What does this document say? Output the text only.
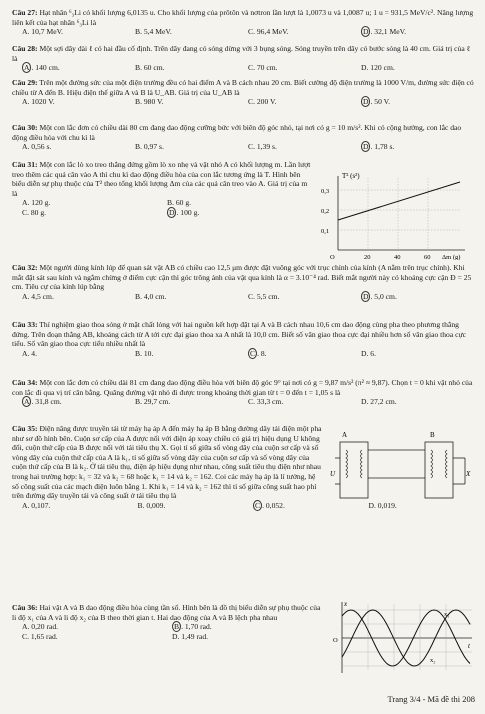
Câu 27: Hạt nhân ⁶₃Li có khối lượng 6,0135 u. Cho khối lượng của prôtôn và nơtron lần lượt là 1,0073 u và 1,0087 u; 1 u = 931,5 MeV/c². Năng lượng liên kết của hạt nhân ⁶₃Li là

A. 10,7 MeV.	B. 5,4 MeV.	C. 96,4 MeV.	D . 32,1 MeV.

Câu 28: Một sợi dây dài ℓ có hai đầu cố định. Trên dây đang có sóng dừng với 3 bụng sóng. Sóng truyền trên dây có bước sóng là 40 cm. Giá trị của ℓ là

A . 140 cm.	B. 60 cm.	C. 70 cm.	D. 120 cm.

Câu 29: Trên một đường sức của một điện trường đều có hai điểm A và B cách nhau 20 cm. Biết cường độ điện trường là 1000 V/m, đường sức điện có chiều từ A đến B. Hiệu điện thế giữa A và B là U_AB. Giá trị của U_AB là

A. 1020 V.	B. 980 V.	C. 200 V.	D . 50 V.

Câu 30: Một con lắc đơn có chiều dài 80 cm đang dao động cưỡng bức với biên độ góc nhỏ, tại nơi có g = 10 m/s². Khi có cộng hưởng, con lắc dao động điều hòa với chu kì là

A. 0,56 s.	B. 0,97 s.	C. 1,39 s.	D . 1,78 s.

Câu 31: Một con lắc lò xo treo thẳng đứng gồm lò xo nhẹ và vật nhỏ A có khối lượng m. Lần lượt treo thêm các quả cân vào A thì chu kì dao động điều hòa của con lắc tương ứng là T. Hình bên biểu diễn sự phụ thuộc của T² theo tổng khối lượng Δm của các quả cân treo vào A. Giá trị của m là

A. 120 g.	B. 60 g.
C. 80 g.	D . 100 g.
T² (s²)
0,3
0,2
0,1
O	20	40	60 Δm (g)

Câu 32: Một người dùng kính lúp để quan sát vật AB có chiều cao 12,5 μm được đặt vuông góc với trục chính của kính (A nằm trên trục chính). Khi mắt đặt sát sau kính và ngắm chừng ở điểm cực cận thì góc trông ảnh của vật qua kính là α = 3.10⁻⁴ rad. Biết mắt người này có khoảng cực cận Đ = 25 cm. Tiêu cự của kính lúp bằng

A. 4,5 cm.	B. 4,0 cm.	C. 5,5 cm.	D . 5,0 cm.

Câu 33: Thí nghiệm giao thoa sóng ở mặt chất lỏng với hai nguồn kết hợp đặt tại A và B cách nhau 10,6 cm dao động cùng pha theo phương thẳng đứng. Trên đoạn thẳng AB, khoảng cách từ A tới cực đại giao thoa xa A nhất là 10,0 cm. Biết số vân giao thoa cực đại nhiều hơn số vân giao thoa cực tiểu. Số vân giao thoa cực tiểu nhiều nhất là

A. 4.	B. 10.	C . 8.	D. 6.

Câu 34: Một con lắc đơn có chiều dài 81 cm đang dao động điều hòa với biên độ góc 9° tại nơi có g = 9,87 m/s² (π² ≈ 9,87). Chọn t = 0 khi vật nhỏ của con lắc đi qua vị trí cân bằng. Quãng đường vật nhỏ đi được trong khoảng thời gian từ t = 0 đến t = 1,05 s là

A . 31,8 cm.	B. 29,7 cm.	C. 33,3 cm.	D. 27,2 cm.

Câu 35: Điện năng được truyền tải từ máy hạ áp A đến máy hạ áp B bằng đường dây tải điện một pha như sơ đồ hình bên. Cuộn sơ cấp của A được nối với điện áp xoay chiều có giá trị hiệu dụng U không đổi, cuộn thứ cấp của B được nối với tải tiêu thụ X. Gọi tỉ số giữa số vòng dây của cuộn sơ cấp và số vòng dây của cuộn thứ cấp của A là k₁, tỉ số giữa số vòng dây của cuộn sơ cấp và số vòng dây của cuộn thứ cấp của B là k₂. Ở tải tiêu thụ, điện áp hiệu dụng như nhau, công suất tiêu thụ điện như nhau trong hai trường hợp: k₁ = 32 và k₂ = 68 hoặc k₁ = 14 và k₂ = 162. Coi các máy hạ áp là lí tưởng, hệ số công suất của các mạch điện luôn bằng 1. Khi k₁ = 14 và k₂ = 162 thì tỉ số giữa công suất hao phí trên đường dây truyền tải và công suất ở tải tiêu thụ là

A. 0,107.	B. 0,009.	C . 0,052.	D. 0,019.
A	B
U	X

Câu 36: Hai vật A và B dao động điều hòa cùng tần số. Hình bên là đồ thị biểu diễn sự phụ thuộc của li độ x₁ của A và li độ x₂ của B theo thời gian t. Hai dao động của A và B lệch pha nhau

A. 0,20 rad.	B . 1,70 rad.
C. 1,65 rad.	D. 1,49 rad.
x
t
x₁
x₂
O
Trang 3/4 - Mã đề thi 208
